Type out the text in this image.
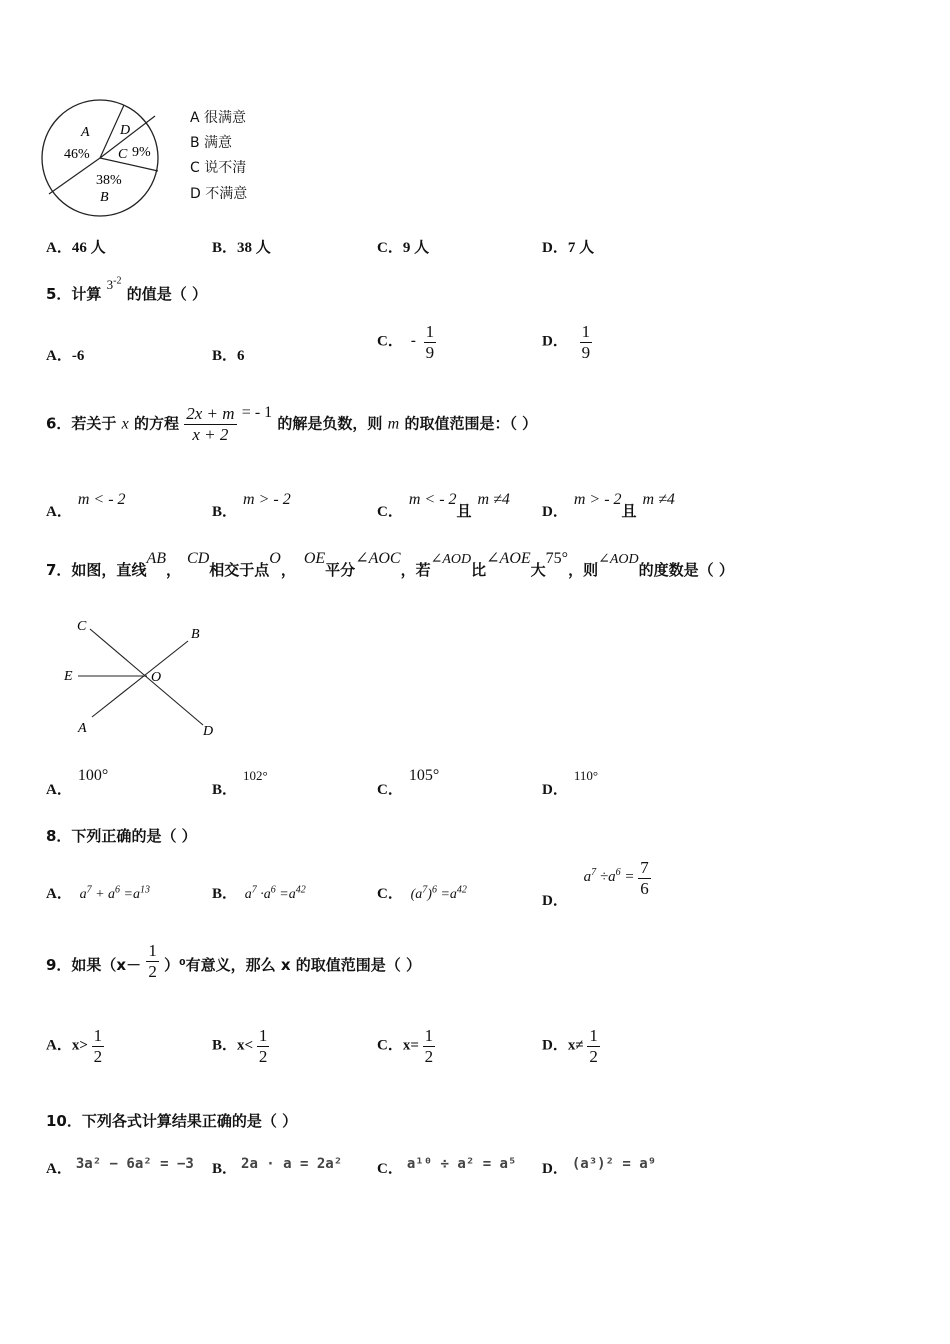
A
46%
D
C 9%
38%
B
A 很满意
B 满意
C 说不清
D 不满意
A．46 人	B．38 人	C．9 人	D．7 人
5．计算 $3^{-2}$ 的值是（ ）
A．-6	B．6
C． - $\frac{1}{9}$	D． $\frac{1}{9}$
6．若关于 x 的方程 $\frac{2x + m}{x + 2}$ = - 1 的解是负数，则 m 的取值范围是：（ ）
A．m < - 2
B．m > - 2
C．m < - 2且m ≠4
D．m > - 2且m ≠4
7．如图，直线AB，CD相交于点O，OE平分∠AOC，若∠AOD比∠AOE大75°，则∠AOD的度数是（ ）
C
B
E	O
A	D
A．100°
B．102°
C．105°
D．110°
8．下列正确的是（ ）
A． $a^7 + a^6 =a^{13}$	B． $a^7 \cdot a^6 =a^{42}$	C． $(a^7)^6 =a^{42}$
D． $a^7 \div a^6 = \frac{7}{6}$
9．如果$(x- \frac{1}{2} )^0$有意义，那么 x 的取值范围是（ ）
A．$x> \frac{1}{2}$	B．$x< \frac{1}{2}$	C．$x= \frac{1}{2}$	D．$x\ne \frac{1}{2}$
10．下列各式计算结果正确的是（ ）
A． 3a² − 6a² = −3 B． 2a · a = 2a² C． a¹⁰ ÷ a² = a⁵ D． (a³)² = a⁹
